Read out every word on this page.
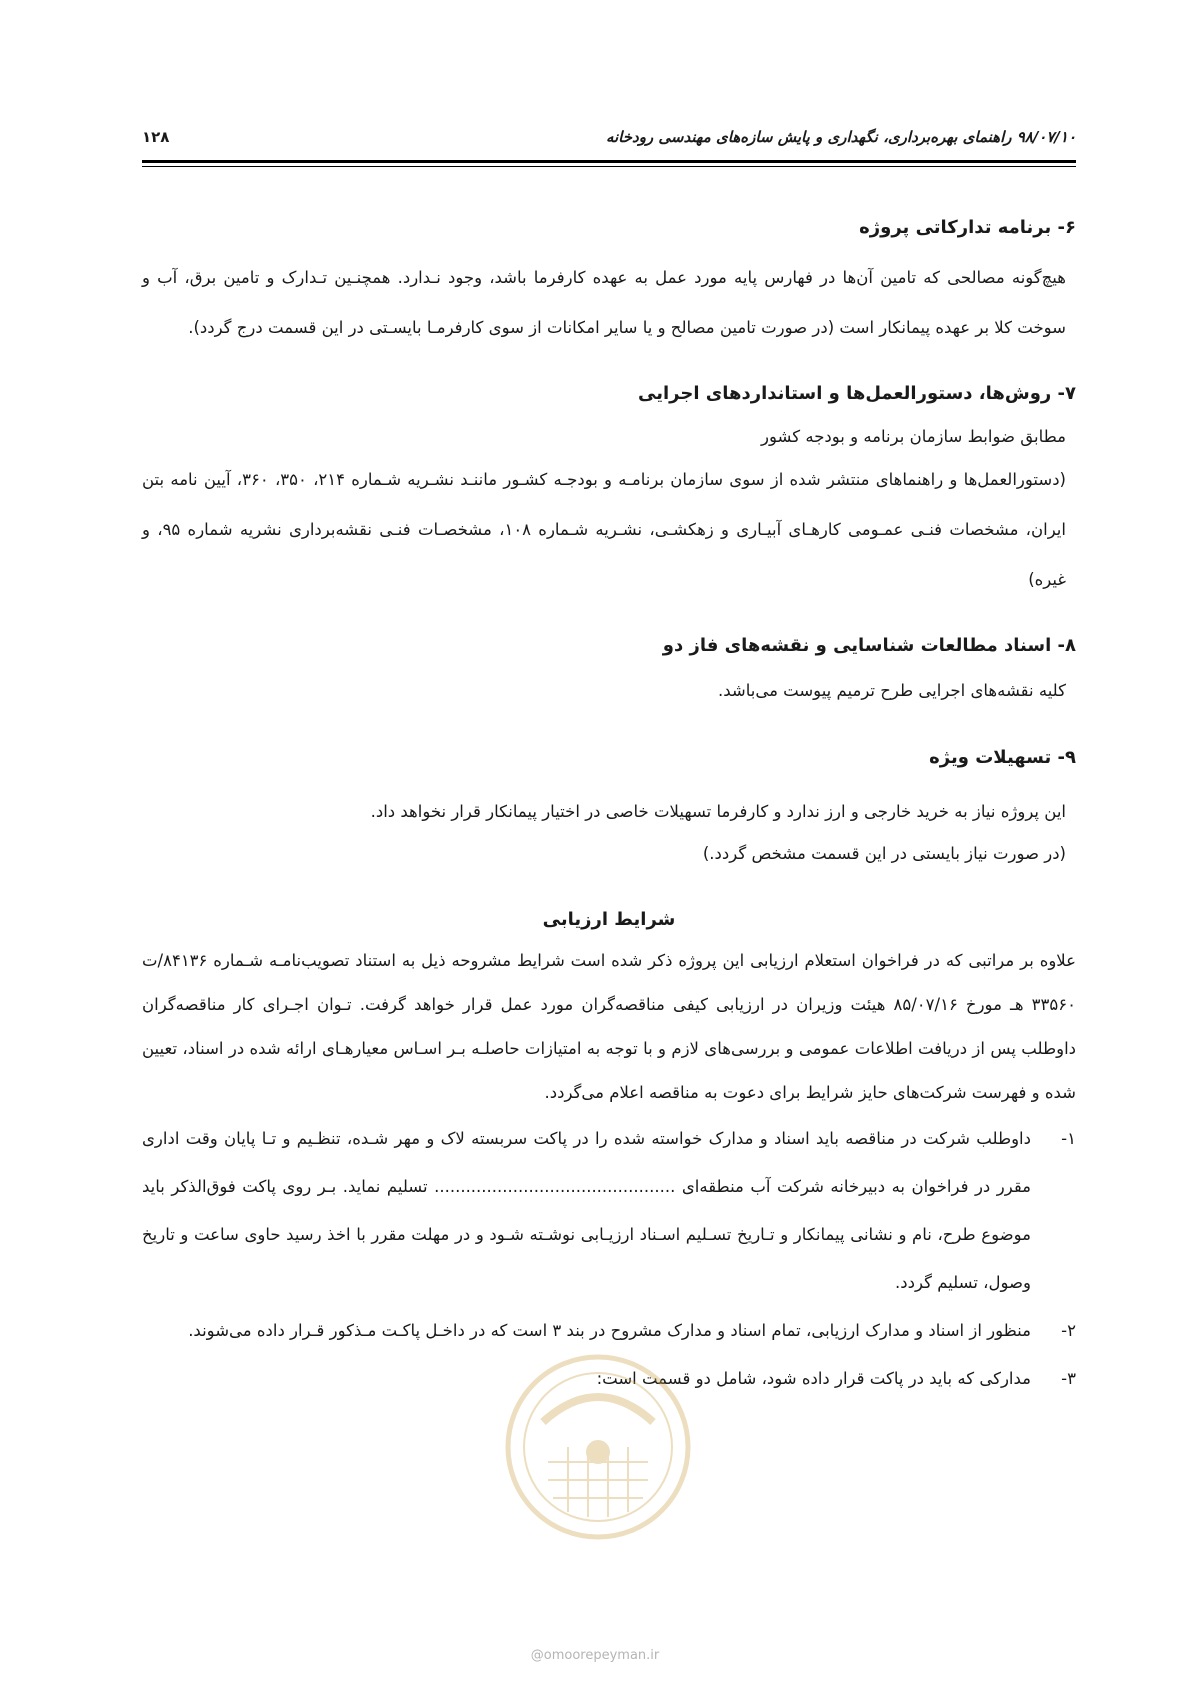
۹۸/۰۷/۱۰ راهنمای بهره‌برداری، نگهداری و پایش سازه‌های مهندسی رودخانه
۱۲۸
۶- برنامه تدارکاتی پروژه

هیچ‌گونه مصالحی که تامین آن‌ها در فهارس پایه مورد عمل به عهده کارفرما باشد، وجود نـدارد. همچنـین تـدارک و تامین برق، آب و سوخت کلا بر عهده پیمانکار است (در صورت تامین مصالح و یا سایر امکانات از سوی کارفرمـا بایسـتی در این قسمت درج گردد).

۷- روش‌ها، دستورالعمل‌ها و استانداردهای اجرایی

مطابق ضوابط سازمان برنامه و بودجه کشور

(دستورالعمل‌ها و راهنماهای منتشر شده از سوی سازمان برنامـه و بودجـه کشـور ماننـد نشـریه شـماره ۲۱۴، ۳۵۰، ۳۶۰، آیین نامه بتن ایران، مشخصات فنـی عمـومی کارهـای آبیـاری و زهکشـی، نشـریه شـماره ۱۰۸، مشخصـات فنـی نقشه‌برداری نشریه شماره ۹۵، و غیره)

۸- اسناد مطالعات شناسایی و نقشه‌های فاز دو

کلیه نقشه‌های اجرایی طرح ترمیم پیوست می‌باشد.

۹- تسهیلات ویژه

این پروژه نیاز به خرید خارجی و ارز ندارد و کارفرما تسهیلات خاصی در اختیار پیمانکار قرار نخواهد داد.

(در صورت نیاز بایستی در این قسمت مشخص گردد.)

شرایط ارزیابی

علاوه بر مراتبی که در فراخوان استعلام ارزیابی این پروژه ذکر شده است شرایط مشروحه ذیل به استناد تصویب‌نامـه شـماره ۸۴۱۳۶/ت ۳۳۵۶۰ هـ مورخ ۸۵/۰۷/۱۶ هیئت وزیران در ارزیابی کیفی مناقصه‌گران مورد عمل قرار خواهد گرفت. تـوان اجـرای کار مناقصه‌گران داوطلب پس از دریافت اطلاعات عمومی و بررسی‌های لازم و با توجه به امتیازات حاصلـه بـر اسـاس معیارهـای ارائه شده در اسناد، تعیین شده و فهرست شرکت‌های حایز شرایط برای دعوت به مناقصه اعلام می‌گردد.

۱-
داوطلب شرکت در مناقصه باید اسناد و مدارک خواسته شده را در پاکت سربسته لاک و مهر شـده، تنظـیم و تـا پایان وقت اداری مقرر در فراخوان به دبیرخانه شرکت آب منطقه‌ای .............................................. تسلیم نماید. بـر روی پاکت فوق‌الذکر باید موضوع طرح، نام و نشانی پیمانکار و تـاریخ تسـلیم اسـناد ارزیـابی نوشـته شـود و در مهلت مقرر با اخذ رسید حاوی ساعت و تاریخ وصول، تسلیم گردد.
۲-
منظور از اسناد و مدارک ارزیابی، تمام اسناد و مدارک مشروح در بند ۳ است که در داخـل پاکـت مـذکور قـرار داده می‌شوند.
۳-
مدارکی که باید در پاکت قرار داده شود، شامل دو قسمت است:
@omoorepeyman.ir
